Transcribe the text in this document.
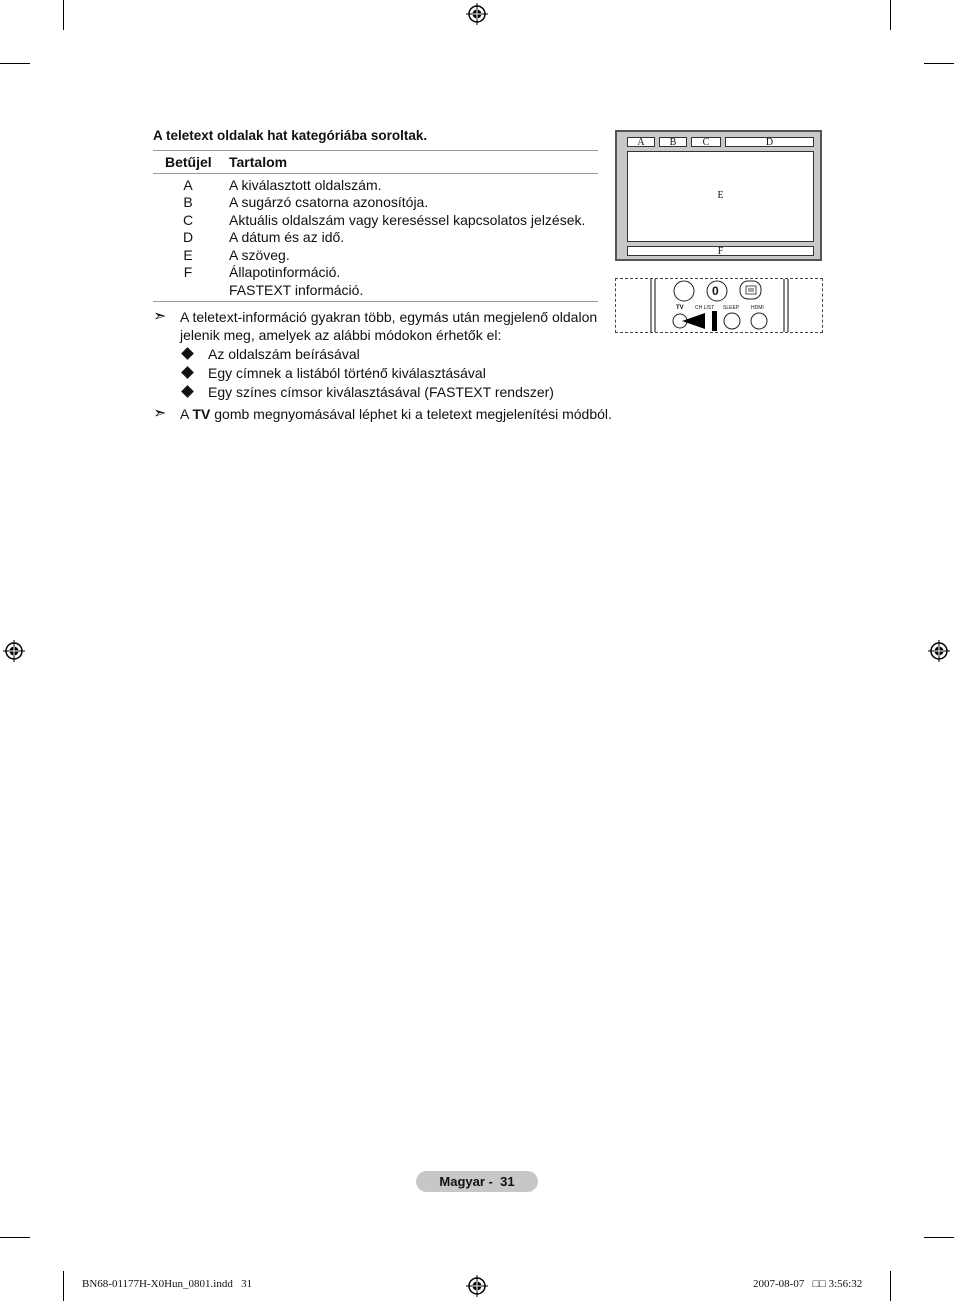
A teletext oldalak hat kategóriába soroltak.
Betűjel Tartalom
A	A kiválasztott oldalszám.
B	A sugárzó csatorna azonosítója.
C	Aktuális oldalszám vagy kereséssel kapcsolatos jelzések.
D	A dátum és az idő.
E	A szöveg.
F	Állapotinformáció.
FASTEXT információ.
➣ A teletext-információ gyakran több, egymás után megjelenő oldalon jelenik meg, amelyek az alábbi módokon érhetők el:
Az oldalszám beírásával
Egy címnek a listából történő kiválasztásával
Egy színes címsor kiválasztásával (FASTEXT rendszer)
➣ A TV gomb megnyomásával léphet ki a teletext megjelenítési módból.
A	B	C	D
E
F
0
TV CH LIST SLEEP HDMI
Magyar -  31
BN68-01177H-X0Hun_0801.indd   31	2007-08-07   □□ 3:56:32
